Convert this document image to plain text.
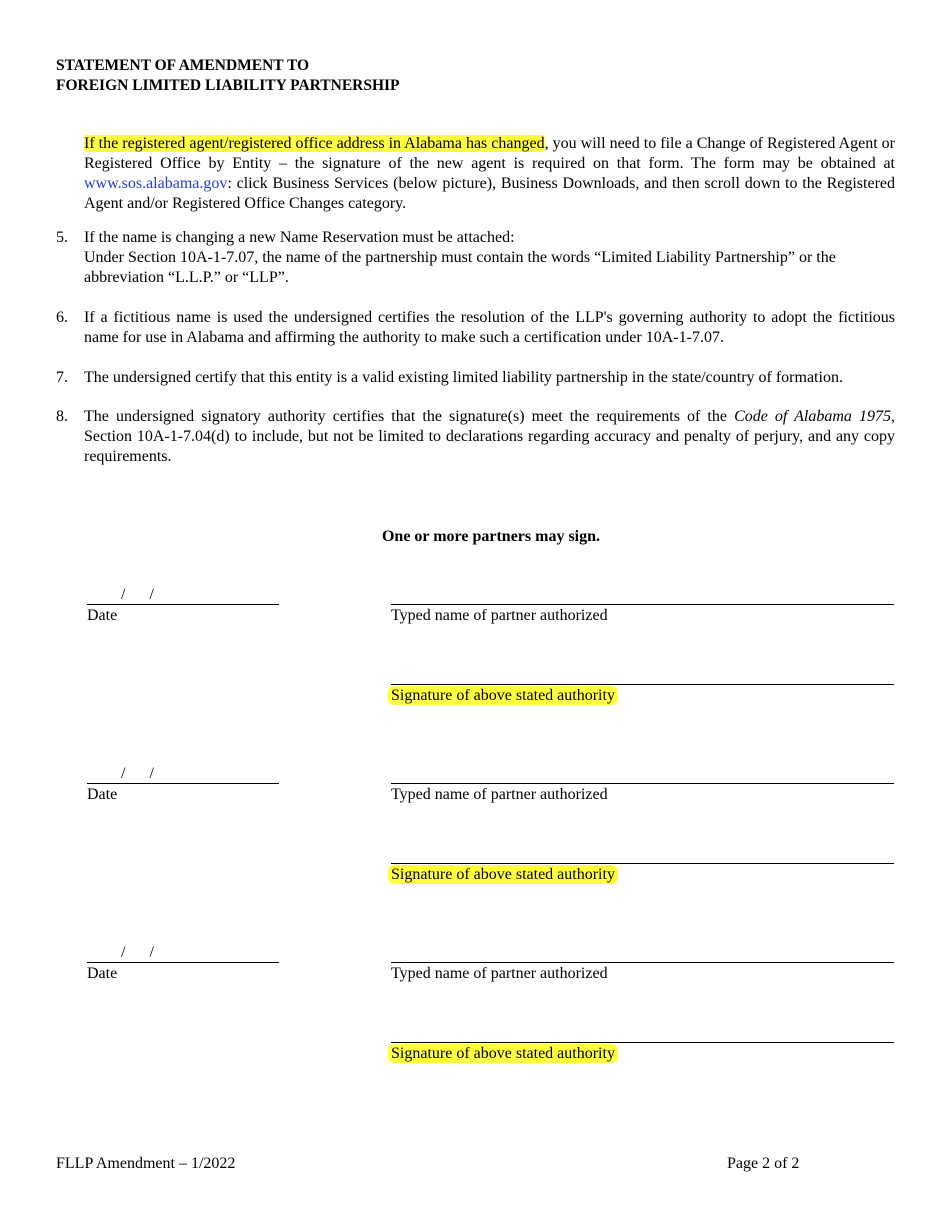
STATEMENT OF AMENDMENT TO
FOREIGN LIMITED LIABILITY PARTNERSHIP
If the registered agent/registered office address in Alabama has changed, you will need to file a Change of Registered Agent or Registered Office by Entity – the signature of the new agent is required on that form. The form may be obtained at www.sos.alabama.gov: click Business Services (below picture), Business Downloads, and then scroll down to the Registered Agent and/or Registered Office Changes category.
5. If the name is changing a new Name Reservation must be attached:
Under Section 10A-1-7.07, the name of the partnership must contain the words “Limited Liability Partnership” or the abbreviation “L.L.P.” or “LLP”.
6. If a fictitious name is used the undersigned certifies the resolution of the LLP's governing authority to adopt the fictitious name for use in Alabama and affirming the authority to make such a certification under 10A-1-7.07.
7. The undersigned certify that this entity is a valid existing limited liability partnership in the state/country of formation.
8. The undersigned signatory authority certifies that the signature(s) meet the requirements of the Code of Alabama 1975, Section 10A-1-7.04(d) to include, but not be limited to declarations regarding accuracy and penalty of perjury, and any copy requirements.
One or more partners may sign.
/      /
Date	Typed name of partner authorized
Signature of above stated authority
/      /
Date	Typed name of partner authorized
Signature of above stated authority
/      /
Date	Typed name of partner authorized
Signature of above stated authority
FLLP Amendment – 1/2022	Page 2 of 2
